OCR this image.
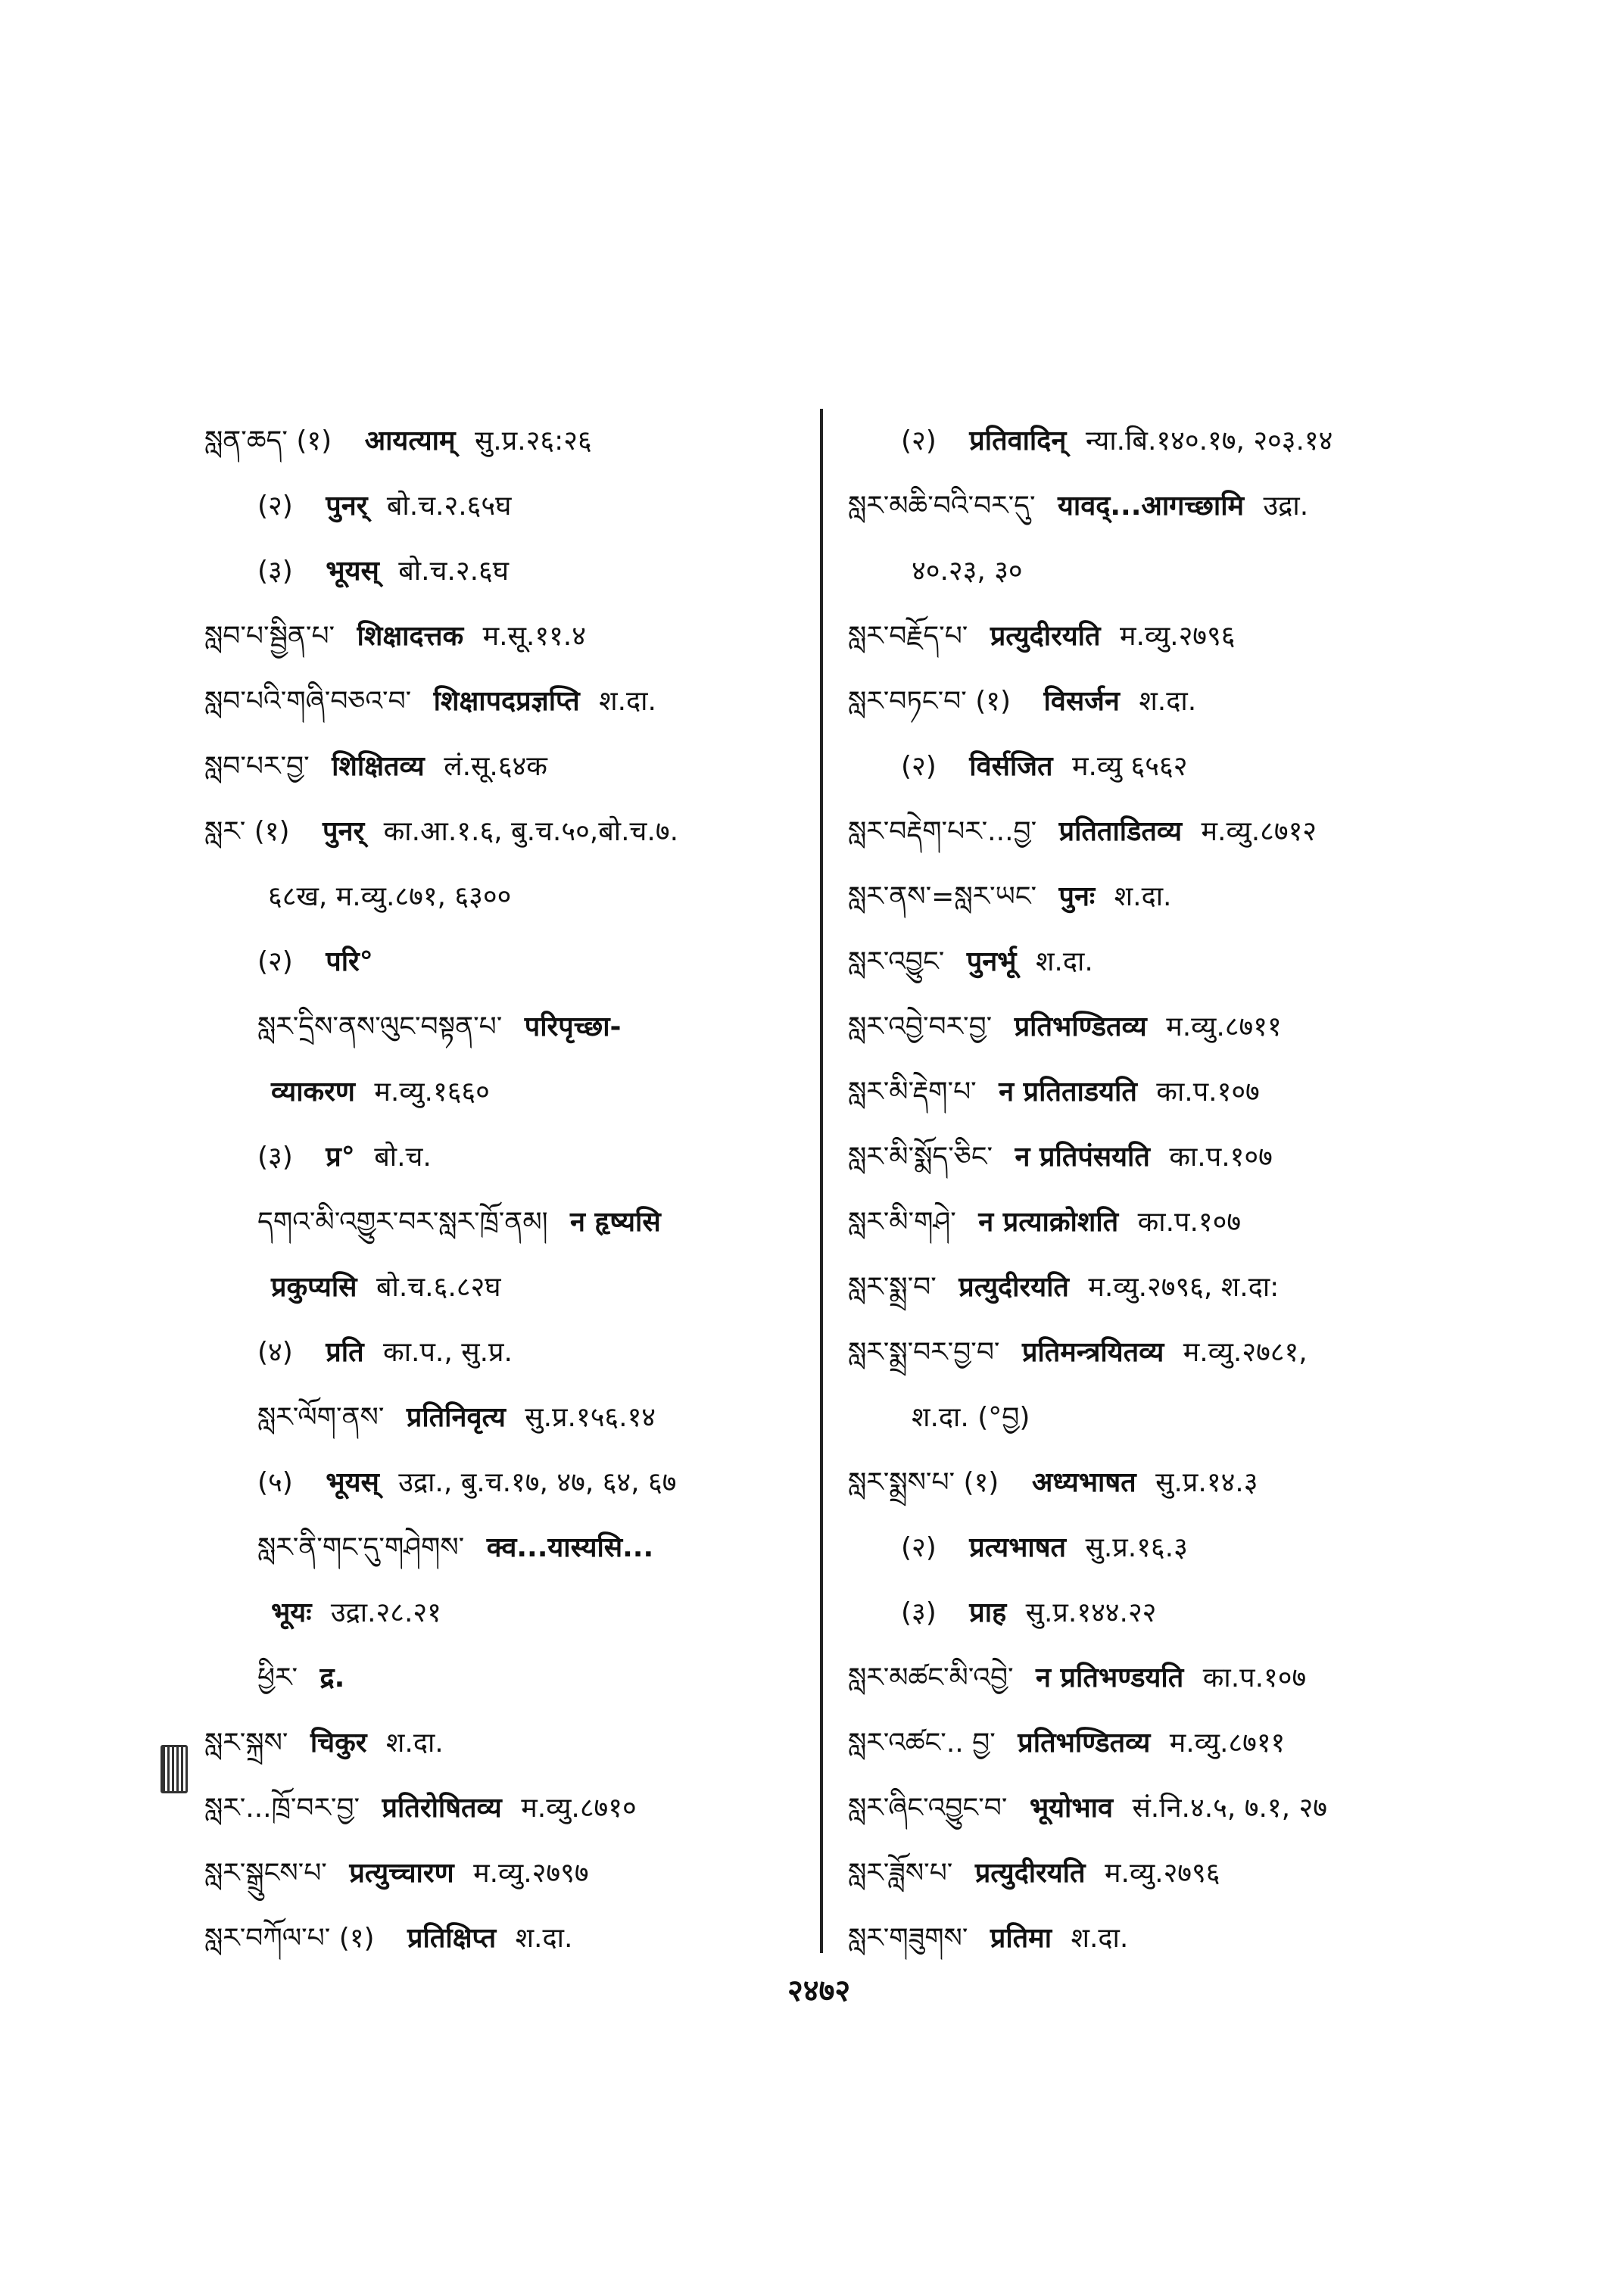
སླན་ཆད་ (१) आयत्याम् सु.प्र.२६:२६
(२) पुनर् बो.च.२.६५घ
(३) भूयस् बो.च.२.६घ
སླབ་པ་སྦྱིན་པ་ शिक्षादत्तक म.सू.११.४
སླབ་པའི་གཞི་བཅའ་བ་ शिक्षापदप्रज्ञप्ति श.दा.
སླབ་པར་བྱ་ शिक्षितव्य लं.सू.६४क
སླར་ (१) पुनर् का.आ.१.६, बु.च.५०,बो.च.७.
६८ख, म.व्यु.८७१, ६३००
(२) परि°
སླར་དྲིས་ནས་ལུང་བསྟན་པ་ परिपृच्छा-
व्याकरण म.व्यु.१६६०
(३) प्र° बो.च.
དགའ་མི་འགྱུར་བར་སླར་ཁྲོ་ནམ། न हृष्यसि
प्रकुप्यसि बो.च.६.८२घ
(४) प्रति का.प., सु.प्र.
སླར་ལོག་ནས་ प्रतिनिवृत्य सु.प्र.१५६.१४
(५) भूयस् उद्रा., बु.च.१७, ४७, ६४, ६७
སླར་ནི་གང་དུ་གཤེགས་ क्व...यास्यसि...
भूयः उद्रा.२८.२१
ཕྱིར་ द्र.
སླར་སྐྲས་ चिकुर श.दा.
སླར་...ཁྲོ་བར་བྱ་ प्रतिरोषितव्य म.व्यु.८७१०
སླར་སྒྲུངས་པ་ प्रत्युच्चारण म.व्यु.२७९७
སླར་བཀོལ་པ་ (१) प्रतिक्षिप्त श.दा.
(२) प्रतिवादिन् न्या.बि.१४०.१७, २०३.१४
སླར་མཆི་བའི་བར་དུ་ यावद्...आगच्छामि उद्रा.
४०.२३, ३०
སླར་བརྗོད་པ་ प्रत्युदीरयति म.व्यु.२७९६
སླར་བཏང་བ་ (१) विसर्जन श.दा.
(२) विर्सजित म.व्यु ६५६२
སླར་བརྡེག་པར་...བྱ་ प्रतिताडितव्य म.व्यु.८७१२
སླར་ནས་=སླར་ཡང་ पुनः श.दा.
སླར་འབྱུང་ पुनर्भू श.दा.
སླར་འབྱེ་བར་བྱ་ प्रतिभण्डितव्य म.व्यु.८७११
སླར་མི་རྡེག་པ་ न प्रतिताडयति का.प.१०७
སླར་མི་སྨོད་ཅིང་ न प्रतिपंसयति का.प.१०७
སླར་མི་གཤེ་ न प्रत्याक्रोशति का.प.१०७
སླར་སྨྲ་བ་ प्रत्युदीरयति म.व्यु.२७९६, श.दा:
སླར་སྨྲ་བར་བྱ་བ་ प्रतिमन्त्रयितव्य म.व्यु.२७८१,
श.दा. (°བྱ)
སླར་སྨྲས་པ་ (१) अध्यभाषत सु.प्र.१४.३
(२) प्रत्यभाषत सु.प्र.१६.३
(३) प्राह सु.प्र.१४४.२२
སླར་མཚང་མི་འབྱེ་ न प्रतिभण्डयति का.प.१०७
སླར་འཚང་.. བྱ་ प्रतिभण्डितव्य म.व्यु.८७११
སླར་ཞིང་འབྱུང་བ་ भूयोभाव सं.नि.४.५, ७.१, २७
སླར་ཟློས་པ་ प्रत्युदीरयति म.व्यु.२७९६
སླར་གཟུགས་ प्रतिमा श.दा.
२४७२
